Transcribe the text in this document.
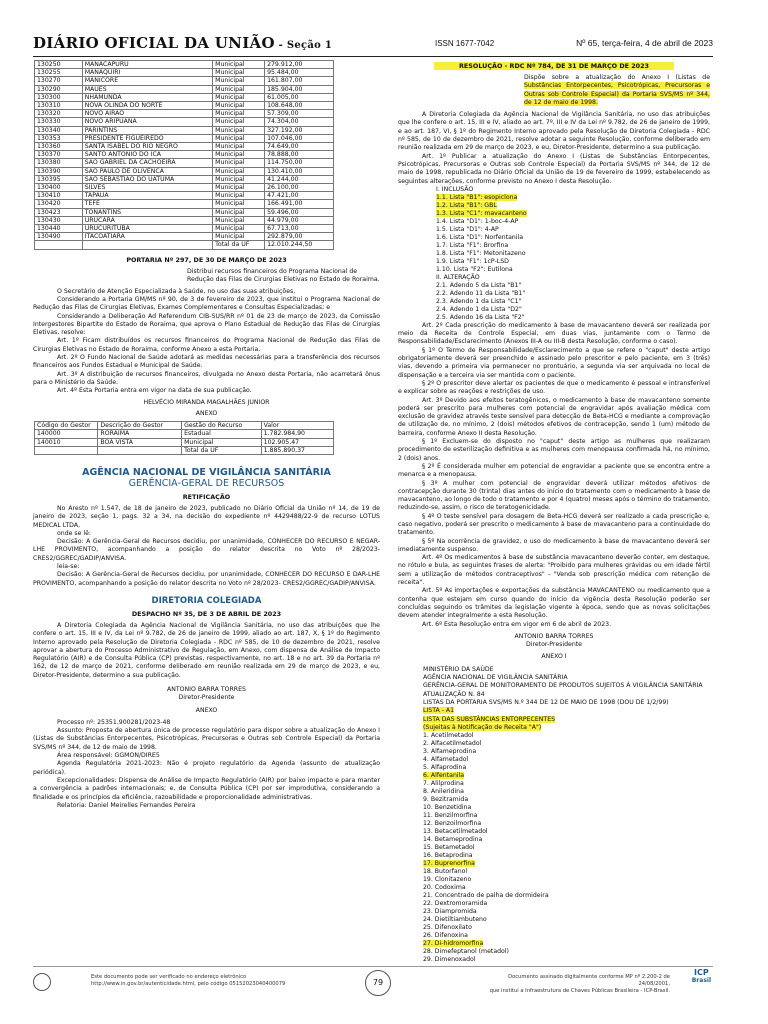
DIÁRIO OFICIAL DA UNIÃO - Seção 1	ISSN 1677-7042	Nº 65, terça-feira, 4 de abril de 2023
130250	MANACAPURU	Municipal	279.912,00
130255	MANAQUIRI	Municipal	95.484,00
130270	MANICORE	Municipal	161.807,00
130290	MAUES	Municipal	185.904,00
130300	NHAMUNDA	Municipal	61.005,00
130310	NOVA OLINDA DO NORTE	Municipal	108.648,00
130320	NOVO AIRAO	Municipal	57.309,00
130330	NOVO ARIPUANA	Municipal	74.304,00
130340	PARINTINS	Municipal	327.192,00
130353	PRESIDENTE FIGUEIREDO	Municipal	107.046,00
130360	SANTA ISABEL DO RIO NEGRO	Municipal	74.649,00
130370	SANTO ANTONIO DO ICA	Municipal	78.888,00
130380	SAO GABRIEL DA CACHOEIRA	Municipal	114.750,00
130390	SAO PAULO DE OLIVENCA	Municipal	130.410,00
130395	SAO SEBASTIAO DO UATUMA	Municipal	41.244,00
130400	SILVES	Municipal	26.100,00
130410	TAPAUA	Municipal	47.421,00
130420	TEFE	Municipal	166.491,00
130423	TONANTINS	Municipal	59.496,00
130430	URUCARA	Municipal	44.979,00
130440	URUCURITUBA	Municipal	67.713,00
130490	ITACOATIARA	Municipal	292.879,00
		Total da UF	12.010.244,50
PORTARIA Nº 297, DE 30 DE MARÇO DE 2023

Distribui recursos financeiros do Programa Nacional de Redução das Filas de Cirurgias Eletivas no Estado de Roraima.

O Secretário de Atenção Especializada à Saúde, no uso das suas atribuições,

Considerando a Portaria GM/MS nº 90, de 3 de fevereiro de 2023, que institui o Programa Nacional de Redução das Filas de Cirurgias Eletivas, Exames Complementares e Consultas Especializadas; e

Considerando a Deliberação Ad Referendum CIB-SUS/RR nº 01 de 23 de março de 2023, da Comissão Intergestores Bipartite do Estado de Roraima, que aprova o Plano Estadual de Redução das Filas de Cirurgias Eletivas, resolve:

Art. 1º Ficam distribuídos os recursos financeiros do Programa Nacional de Redução das Filas de Cirurgias Eletivas no Estado de Roraima, conforme Anexo a esta Portaria.

Art. 2º O Fundo Nacional de Saúde adotará as medidas necessárias para a transferência dos recursos financeiros aos Fundos Estadual e Municipal de Saúde.

Art. 3º A distribuição de recursos financeiros, divulgada no Anexo desta Portaria, não acarretará ônus para o Ministério da Saúde.

Art. 4º Esta Portaria entra em vigor na data de sua publicação.

HELVÉCIO MIRANDA MAGALHÃES JUNIOR

ANEXO

Código do Gestor	Descrição do Gestor	Gestão do Recurso	Valor
140000	RORAIMA	Estadual	1.782.984,90
140010	BOA VISTA	Municipal	102.905,47
		Total da UF	1.885.890,37
AGÊNCIA NACIONAL DE VIGILÂNCIA SANITÁRIA
GERÊNCIA-GERAL DE RECURSOS
RETIFICAÇÃO

No Aresto nº 1.547, de 18 de janeiro de 2023, publicado no Diário Oficial da União nº 14, de 19 de janeiro de 2023, seção 1, pags. 32 a 34, na decisão do expediente nº 4429488/22-9 de recurso LOTUS MEDICAL LTDA,

onde se lê:

Decisão: A Gerência-Geral de Recursos decidiu, por unanimidade, CONHECER DO RECURSO E NEGAR-LHE PROVIMENTO, acompanhando a posição do relator descrita no Voto nº 28/2023- CRES2/GGREC/GADIP/ANVISA.

leia-se:

Decisão: A Gerência-Geral de Recursos decidiu, por unanimidade, CONHECER DO RECURSO E DAR-LHE PROVIMENTO, acompanhando a posição do relator descrita no Voto nº 28/2023- CRES2/GGREC/GADIP/ANVISA.

DIRETORIA COLEGIADA
DESPACHO Nº 35, DE 3 DE ABRIL DE 2023

A Diretoria Colegiada da Agência Nacional de Vigilância Sanitária, no uso das atribuições que lhe confere o art. 15, III e IV, da Lei nº 9.782, de 26 de janeiro de 1999, aliado ao art. 187, X, § 1º do Regimento Interno aprovado pela Resolução de Diretoria Colegiada - RDC nº 585, de 10 de dezembro de 2021, resolve aprovar a abertura do Processo Administrativo de Regulação, em Anexo, com dispensa de Análise de Impacto Regulatório (AIR) e de Consulta Pública (CP) previstas, respectivamente, no art. 18 e no art. 39 da Portaria nº 162, de 12 de março de 2021, conforme deliberado em reunião realizada em 29 de março de 2023, e eu, Diretor-Presidente, determino a sua publicação.

ANTONIO BARRA TORRES

Diretor-Presidente

ANEXO

Processo nº: 25351.900281/2023-48

Assunto: Proposta de abertura única de processo regulatório para dispor sobre a atualização do Anexo I (Listas de Substâncias Entorpecentes, Psicotrópicas, Precursoras e Outras sob Controle Especial) da Portaria SVS/MS nº 344, de 12 de maio de 1998.

Área responsável: GGMON/DIRE5

Agenda Regulatória 2021-2023: Não é projeto regulatório da Agenda (assunto de atualização periódica).

Excepcionalidades: Dispensa de Análise de Impacto Regulatório (AIR) por baixo impacto e para manter a convergência a padrões internacionais; e, de Consulta Pública (CP) por ser improdutiva, considerando a finalidade e os princípios da eficiência, razoabilidade e proporcionalidade administrativas.

Relatoria: Daniel Meirelles Fernandes Pereira

RESOLUÇÃO - RDC Nº 784, DE 31 DE MARÇO DE 2023

Dispõe sobre a atualização do Anexo I (Listas de Substâncias Entorpecentes, Psicotrópicas, Precursoras e Outras sob Controle Especial) da Portaria SVS/MS nº 344, de 12 de maio de 1998.

A Diretoria Colegiada da Agência Nacional de Vigilância Sanitária, no uso das atribuições que lhe confere o art. 15, III e IV, aliado ao art. 7º, III e IV da Lei nº 9.782, de 26 de janeiro de 1999, e ao art. 187, VI, § 1º do Regimento Interno aprovado pela Resolução de Diretoria Colegiada - RDC nº 585, de 10 de dezembro de 2021, resolve adotar a seguinte Resolução, conforme deliberado em reunião realizada em 29 de março de 2023, e eu, Diretor-Presidente, determino a sua publicação.

Art. 1º Publicar a atualização do Anexo I (Listas de Substâncias Entorpecentes, Psicotrópicas, Precursoras e Outras sob Controle Especial) da Portaria SVS/MS nº 344, de 12 de maio de 1998, republicada no Diário Oficial da União de 19 de fevereiro de 1999, estabelecendo as seguintes alterações, conforme previsto no Anexo I desta Resolução.

I. INCLUSÃO
1.1. Lista "B1": esopiclona
1.2. Lista "B1": GBL
1.3. Lista "C1": mavacanteno
1.4. Lista "D1": 1-boc-4-AP
1.5. Lista "D1": 4-AP
1.6. Lista "D1": Norfentanila
1.7. Lista "F1": Brorfina
1.8. Lista "F1": Metonitazeno
1.9. Lista "F1": 1cP-LSD
1.10. Lista "F2": Eutilona
II. ALTERAÇÃO
2.1. Adendo 5 da Lista "B1"
2.2. Adendo 11 da Lista "B1"
2.3. Adendo 1 da Lista "C1"
2.4. Adendo 1 da Lista "D2"
2.5. Adendo 16 da Lista "F2"

Art. 2º Cada prescrição do medicamento à base de mavacanteno deverá ser realizada por meio da Receita de Controle Especial, em duas vias, juntamente com o Termo de Responsabilidade/Esclarecimento (Anexos III-A ou III-B desta Resolução, conforme o caso).

§ 1º O Termo de Responsabilidade/Esclarecimento a que se refere o "caput" deste artigo obrigatoriamente deverá ser preenchido e assinado pelo prescritor e pelo paciente, em 3 (três) vias, devendo a primeira via permanecer no prontuário, a segunda via ser arquivada no local de dispensação e a terceira via ser mantida com o paciente.

§ 2º O prescritor deve alertar os pacientes de que o medicamento é pessoal e intransferível e explicar sobre as reações e restrições de uso.

Art. 3º Devido aos efeitos teratogênicos, o medicamento à base de mavacanteno somente poderá ser prescrito para mulheres com potencial de engravidar após avaliação médica com exclusão de gravidez através teste sensível para detecção de Beta-HCG e mediante a comprovação de utilização de, no mínimo, 2 (dois) métodos efetivos de contracepção, sendo 1 (um) método de barreira, conforme Anexo II desta Resolução.

§ 1º Excluem-se do disposto no "caput" deste artigo as mulheres que realizaram procedimento de esterilização definitiva e as mulheres com menopausa confirmada há, no mínimo, 2 (dois) anos.

§ 2º É considerada mulher em potencial de engravidar a paciente que se encontra entre a menarca e a menopausa.

§ 3º A mulher com potencial de engravidar deverá utilizar métodos efetivos de contracepção durante 30 (trinta) dias antes do início do tratamento com o medicamento à base de mavacanteno, ao longo de todo o tratamento e por 4 (quatro) meses após o término do tratamento, reduzindo-se, assim, o risco de teratogenicidade.

§ 4º O teste sensível para dosagem de Beta-HCG deverá ser realizado a cada prescrição e, caso negativo, poderá ser prescrito o medicamento à base de mavacanteno para a continuidade do tratamento.

§ 5º Na ocorrência de gravidez, o uso do medicamento à base de mavacanteno deverá ser imediatamente suspenso.

Art. 4º Os medicamentos à base de substância mavacanteno deverão conter, em destaque, no rótulo e bula, as seguintes frases de alerta: "Proibido para mulheres grávidas ou em idade fértil sem a utilização de métodos contraceptivos" - "Venda sob prescrição médica com retenção de receita".

Art. 5º As importações e exportações da substância MAVACANTENO ou medicamento que a contenha que estejam em curso quando do início da vigência desta Resolução poderão ser concluídas seguindo os trâmites da legislação vigente à época, sendo que as novas solicitações devem atender integralmente a esta Resolução.

Art. 6º Esta Resolução entra em vigor em 6 de abril de 2023.

ANTONIO BARRA TORRES

Diretor-Presidente

ANEXO I

MINISTÉRIO DA SAÚDE

AGÊNCIA NACIONAL DE VIGILÂNCIA SANITÁRIA

GERÊNCIA-GERAL DE MONITORAMENTO DE PRODUTOS SUJEITOS À VIGILÂNCIA SANITÁRIA

ATUALIZAÇÃO N. 84

LISTAS DA PORTARIA SVS/MS N.º 344 DE 12 DE MAIO DE 1998 (DOU DE 1/2/99)

LISTA - A1

LISTA DAS SUBSTÂNCIAS ENTORPECENTES

(Sujeitas à Notificação de Receita "A")

1. Acetilmetadol
2. Alfacetilmetadol
3. Alfameprodina
4. Alfametadol
5. Alfaprodina
6. Alfentanila
7. Alilprodina
8. Anileridina
9. Bezitramida
10. Benzetidina
11. Benzilmorfina
12. Benzoilmorfina
13. Betacetilmetadol
14. Betameprodina
15. Betametadol
16. Betaprodina
17. Buprenorfina
18. Butorfanol
19. Clonitazeno
20. Codoxima
21. Concentrado de palha de dormideira
22. Dextromoramida
23. Diampromida
24. Dietiltiambuteno
25. Difenoxilato
26. Difenoxina
27. Di-hidromorfina
28. Dimefeptanol (metadol)
29. Dimenoxadol
Este documento pode ser verificado no endereço eletrônico
http://www.in.gov.br/autenticidade.html, pelo código 05152023040400079	79
Documento assinado digitalmente conforme MP nº 2.200-2 de 24/08/2001,
que institui a Infraestrutura de Chaves Públicas Brasileira - ICP-Brasil.
ICP
Brasil
